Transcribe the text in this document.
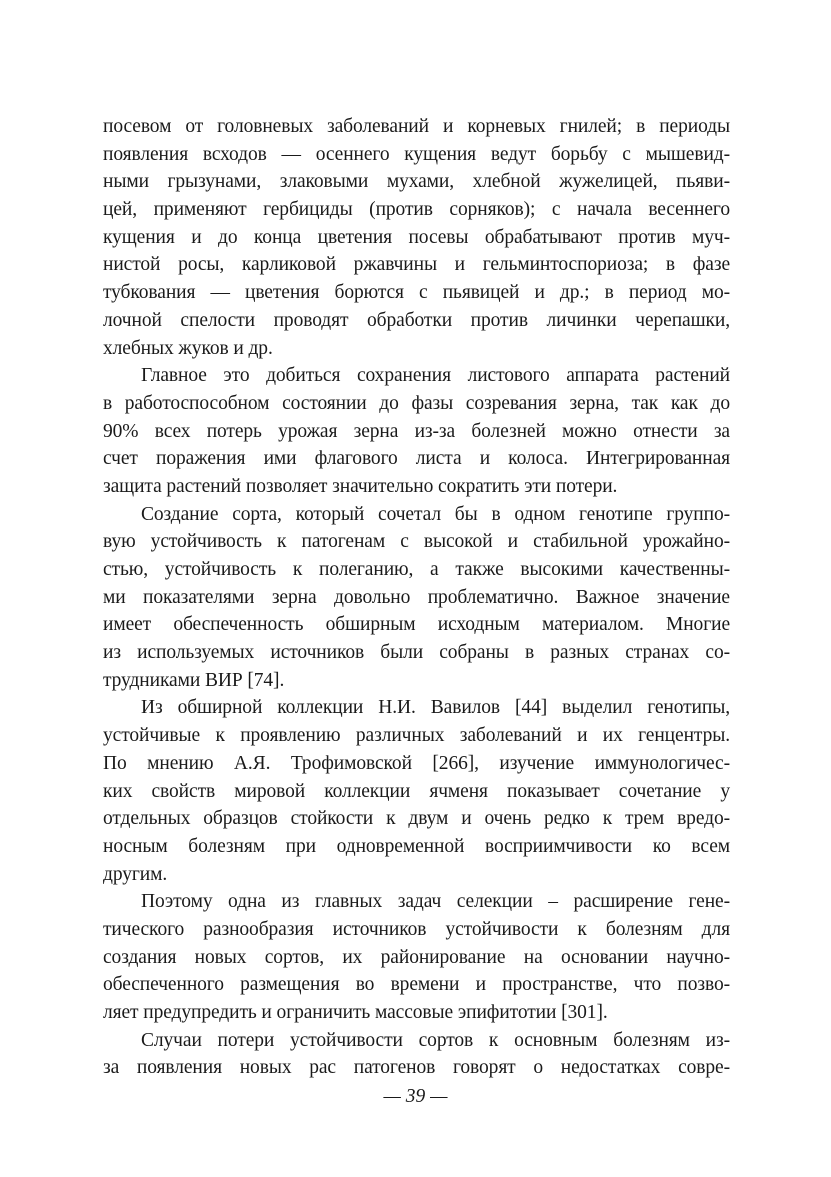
посевом от головневых заболеваний и корневых гнилей; в периоды
появления всходов — осеннего кущения ведут борьбу с мышевид-
ными грызунами, злаковыми мухами, хлебной жужелицей, пьяви-
цей, применяют гербициды (против сорняков); с начала весеннего
кущения и до конца цветения посевы обрабатывают против муч-
нистой росы, карликовой ржавчины и гельминтоспориоза; в фазе
тубкования — цветения борются с пьявицей и др.; в период мо-
лочной спелости проводят обработки против личинки черепашки,
хлебных жуков и др.
Главное это добиться сохранения листового аппарата растений
в работоспособном состоянии до фазы созревания зерна, так как до
90% всех потерь урожая зерна из-за болезней можно отнести за
счет поражения ими флагового листа и колоса. Интегрированная
защита растений позволяет значительно сократить эти потери.
Создание сорта, который сочетал бы в одном генотипе группо-
вую устойчивость к патогенам с высокой и стабильной урожайно-
стью, устойчивость к полеганию, а также высокими качественны-
ми показателями зерна довольно проблематично. Важное значение
имеет обеспеченность обширным исходным материалом. Многие
из используемых источников были собраны в разных странах со-
трудниками ВИР [74].
Из обширной коллекции Н.И. Вавилов [44] выделил генотипы,
устойчивые к проявлению различных заболеваний и их генцентры.
По мнению А.Я. Трофимовской [266], изучение иммунологичес-
ких свойств мировой коллекции ячменя показывает сочетание у
отдельных образцов стойкости к двум и очень редко к трем вредо-
носным болезням при одновременной восприимчивости ко всем
другим.
Поэтому одна из главных задач селекции – расширение гене-
тического разнообразия источников устойчивости к болезням для
создания новых сортов, их районирование на основании научно-
обеспеченного размещения во времени и пространстве, что позво-
ляет предупредить и ограничить массовые эпифитотии [301].
Случаи потери устойчивости сортов к основным болезням из-
за появления новых рас патогенов говорят о недостатках совре-
— 39 —
